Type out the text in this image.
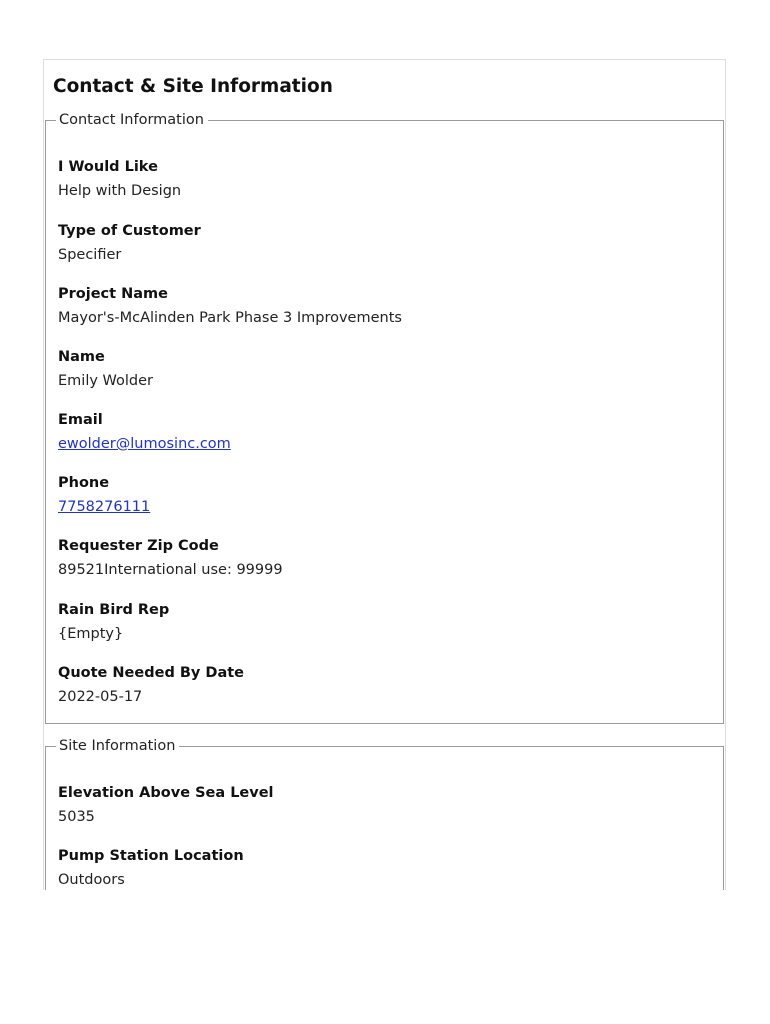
Contact & Site Information
Contact Information
I Would Like
Help with Design
Type of Customer
Specifier
Project Name
Mayor's-McAlinden Park Phase 3 Improvements
Name
Emily Wolder
Email
ewolder@lumosinc.com
Phone
7758276111
Requester Zip Code
89521International use: 99999
Rain Bird Rep
{Empty}
Quote Needed By Date
2022-05-17
Site Information
Elevation Above Sea Level
5035
Pump Station Location
Outdoors
